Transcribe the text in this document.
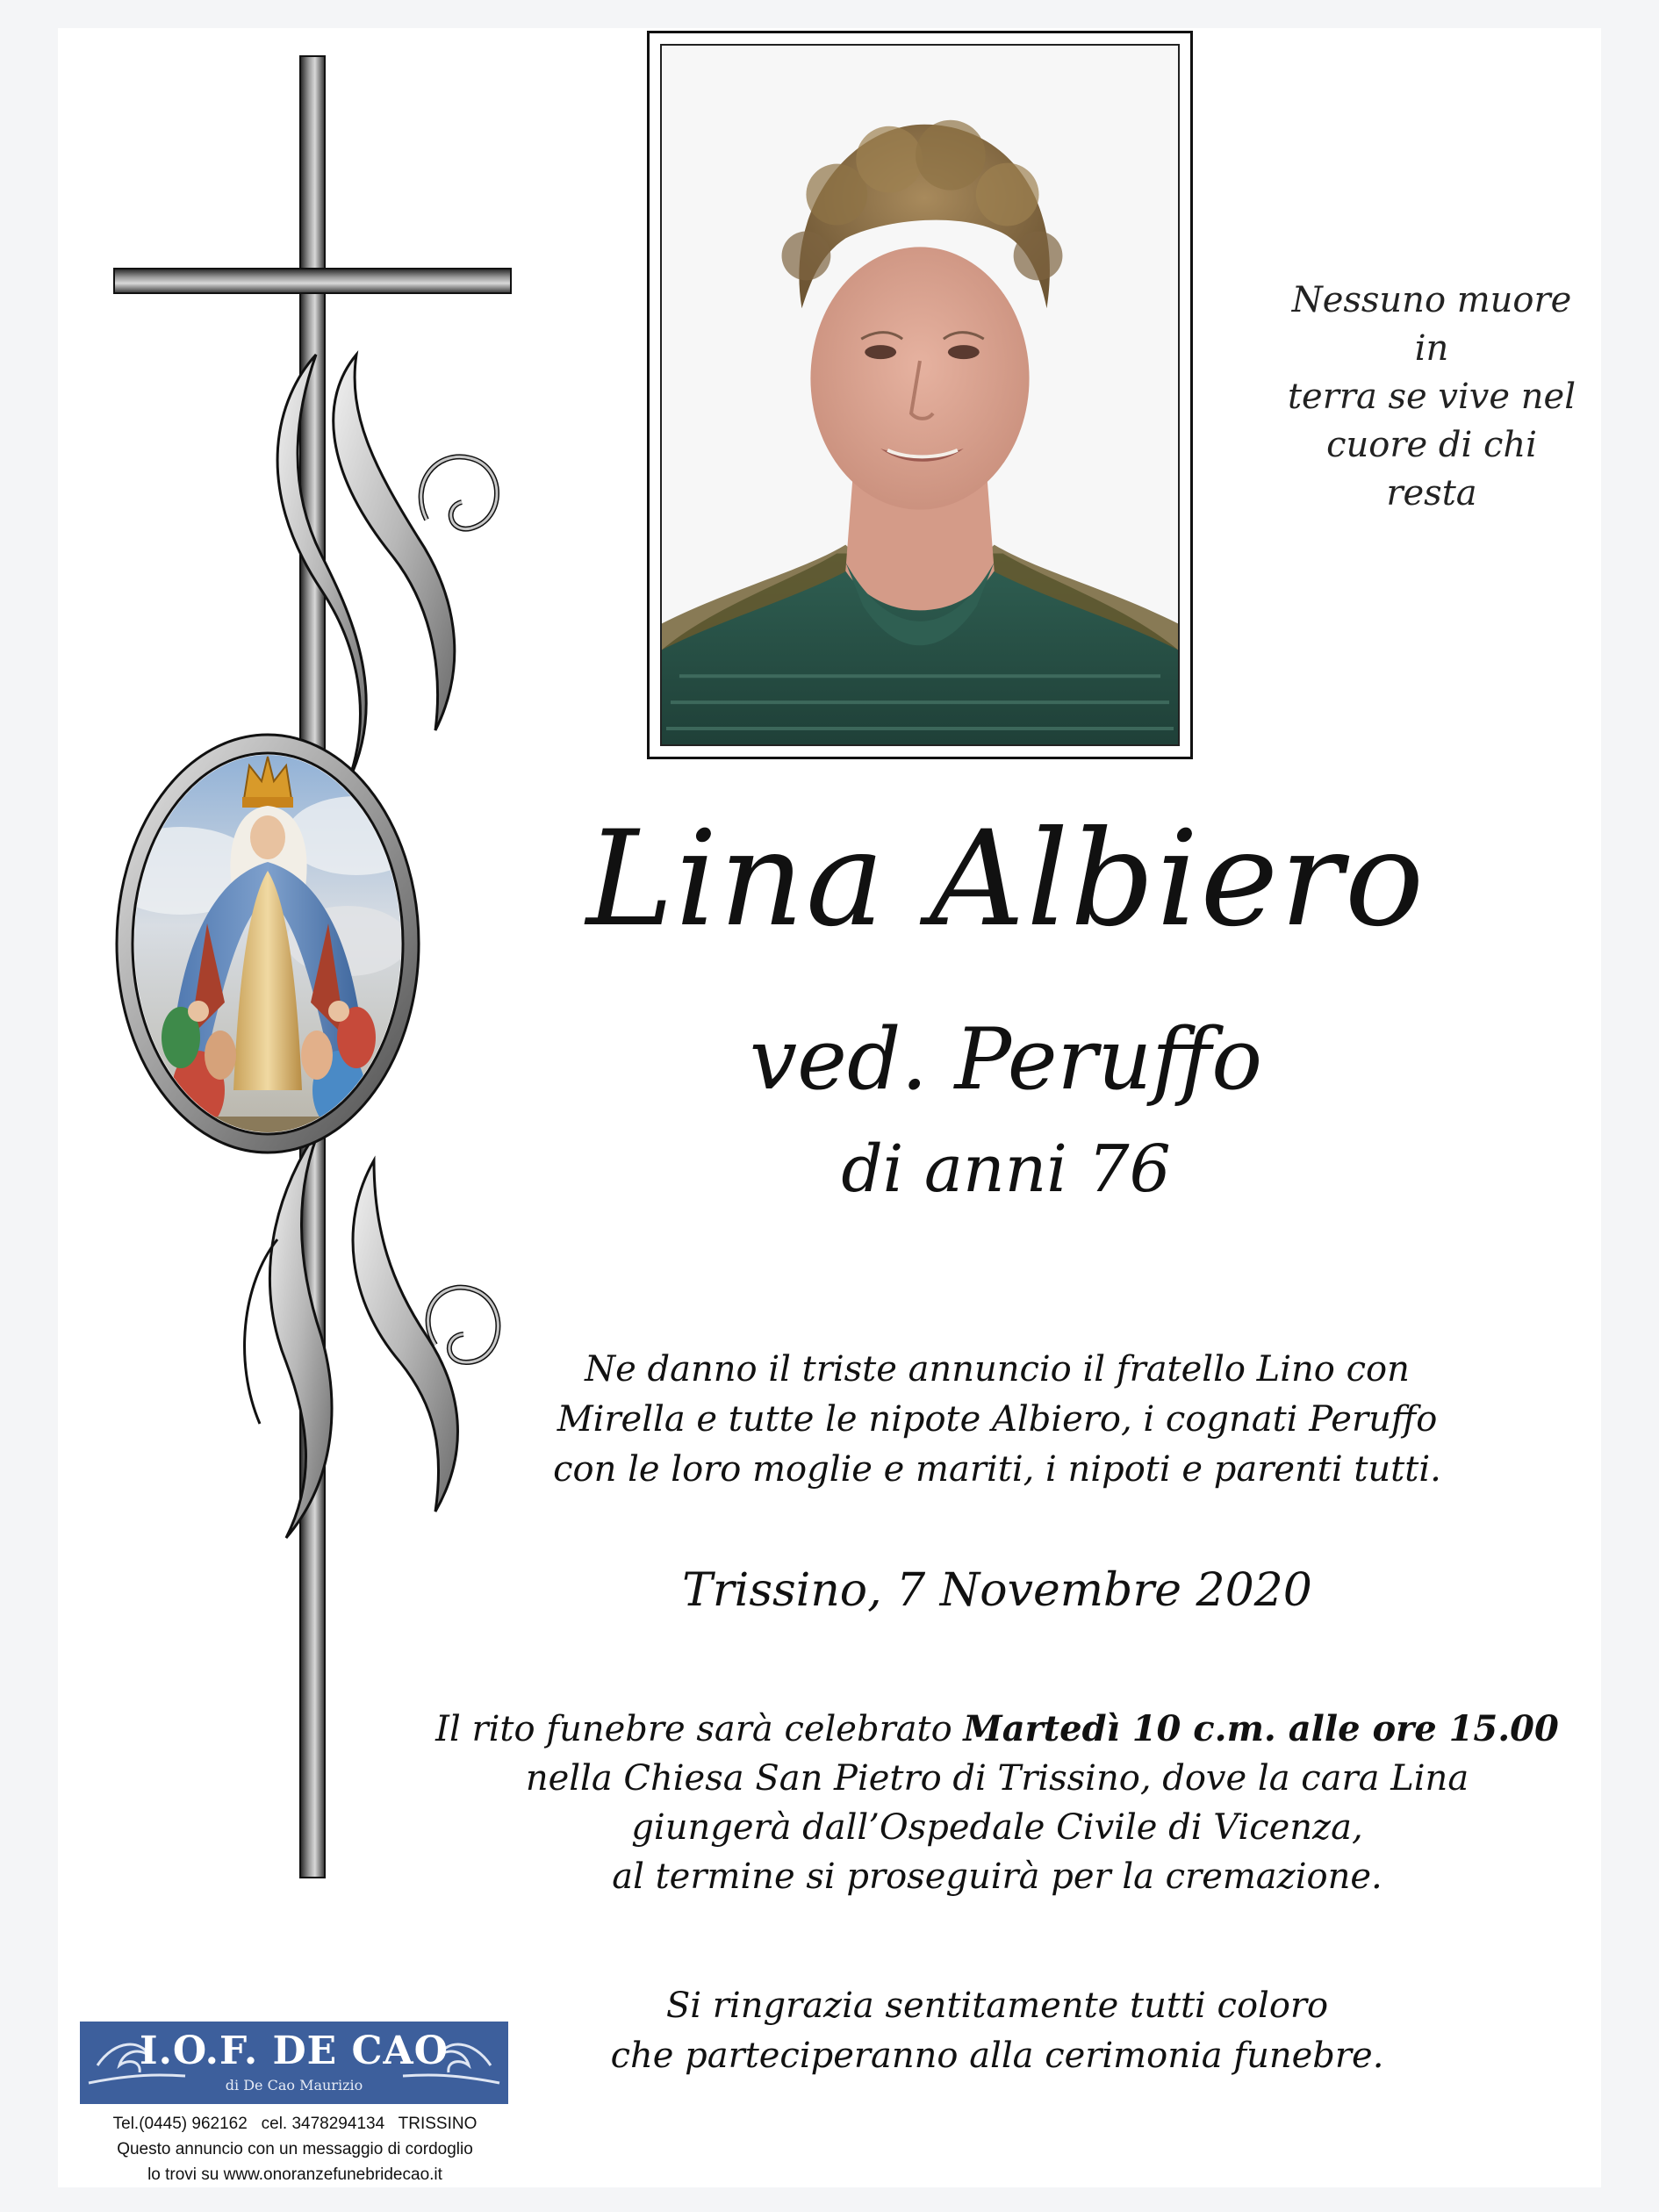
Nessuno muore in
terra se vive nel
cuore di chi resta
Lina Albiero
ved. Peruffo
di anni 76
Ne danno il triste annuncio il fratello Lino con
Mirella e tutte le nipote Albiero, i cognati Peruffo
con le loro moglie e mariti, i nipoti e parenti tutti.
Trissino, 7 Novembre 2020
Il rito funebre sarà celebrato Martedì 10 c.m. alle ore 15.00
nella Chiesa San Pietro di Trissino, dove la cara Lina
giungerà dall’Ospedale Civile di Vicenza,
al termine si proseguirà per la cremazione.
Si ringrazia sentitamente tutti coloro
che parteciperanno alla cerimonia funebre.
I.O.F. DE CAO
di De Cao Maurizio
Tel.(0445) 962162   cel. 3478294134   TRISSINO
Questo annuncio con un messaggio di cordoglio
lo trovi su www.onoranzefunebridecao.it
